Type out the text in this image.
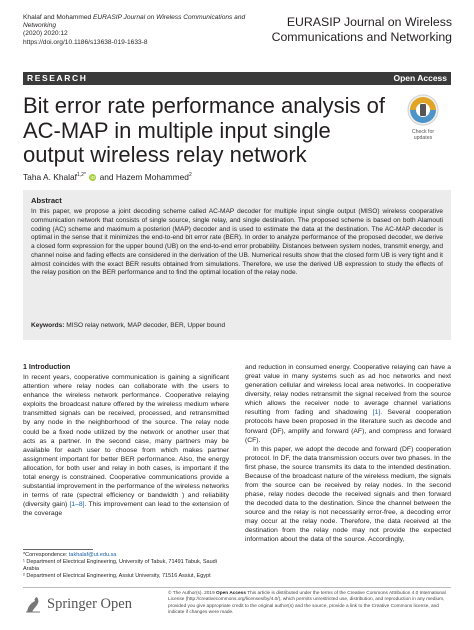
Khalaf and Mohammed EURASIP Journal on Wireless Communications and Networking
(2020) 2020:12
https://doi.org/10.1186/s13638-019-1633-8
EURASIP Journal on Wireless
Communications and Networking
RESEARCH	Open Access
Bit error rate performance analysis of AC-MAP in multiple input single output wireless relay network
Check for
updates
Taha A. Khalaf$^{1,2*}$ iD and Hazem Mohammed$^2$
Abstract
In this paper, we propose a joint decoding scheme called AC-MAP decoder for multiple input single output (MISO) wireless cooperative communication network that consists of single source, single relay, and single destination. The proposed scheme is based on both Alamouti coding (AC) scheme and maximum a posteriori (MAP) decoder and is used to estimate the data at the destination. The AC-MAP decoder is optimal in the sense that it minimizes the end-to-end bit error rate (BER). In order to analyze performance of the proposed decoder, we derive a closed form expression for the upper bound (UB) on the end-to-end error probability. Distances between system nodes, transmit energy, and channel noise and fading effects are considered in the derivation of the UB. Numerical results show that the closed form UB is very tight and it almost coincides with the exact BER results obtained from simulations. Therefore, we use the derived UB expression to study the effects of the relay position on the BER performance and to find the optimal location of the relay node.
Keywords: MISO relay network, MAP decoder, BER, Upper bound
1 Introduction
In recent years, cooperative communication is gaining a significant attention where relay nodes can collaborate with the users to enhance the wireless network performance. Cooperative relaying exploits the broadcast nature offered by the wireless medium where transmitted signals can be received, processed, and retransmitted by any node in the neighborhood of the source. The relay node could be a fixed node utilized by the network or another user that acts as a partner. In the second case, many partners may be available for each user to choose from which makes partner assignment important for better BER performance. Also, the energy allocation, for both user and relay in both cases, is important if the total energy is constrained. Cooperative communications provide a substantial improvement in the performance of the wireless networks in terms of rate (spectral efficiency or bandwidth ) and reliability (diversity gain) [1–8]. This improvement can lead to the extension of the coverage
and reduction in consumed energy. Cooperative relaying can have a great value in many systems such as ad hoc networks and next generation cellular and wireless local area networks. In cooperative diversity, relay nodes retransmit the signal received from the source which allows the receiver node to average channel variations resulting from fading and shadowing [1]. Several cooperation protocols have been proposed in the literature such as decode and forward (DF), amplify and forward (AF), and compress and forward (CF).
In this paper, we adopt the decode and forward (DF) cooperation protocol. In DF, the data transmission occurs over two phases. In the first phase, the source transmits its data to the intended destination. Because of the broadcast nature of the wireless medium, the signals from the source can be received by relay nodes. In the second phase, relay nodes decode the received signals and then forward the decoded data to the destination. Since the channel between the source and the relay is not necessarily error-free, a decoding error may occur at the relay node. Therefore, the data received at the destination from the relay node may not provide the expected information about the data of the source. Accordingly,
*Correspondence: takhalaf@ut.edu.sa
¹ Department of Electrical Engineering, University of Tabuk, 71491 Tabuk, Saudi Arabia
² Department of Electrical Engineering, Assiut University, 71516 Assiut, Egypt
Springer Open
© The Author(s). 2019 Open Access This article is distributed under the terms of the Creative Commons Attribution 4.0 International License (http://creativecommons.org/licenses/by/4.0/), which permits unrestricted use, distribution, and reproduction in any medium, provided you give appropriate credit to the original author(s) and the source, provide a link to the Creative Commons license, and indicate if changes were made.
